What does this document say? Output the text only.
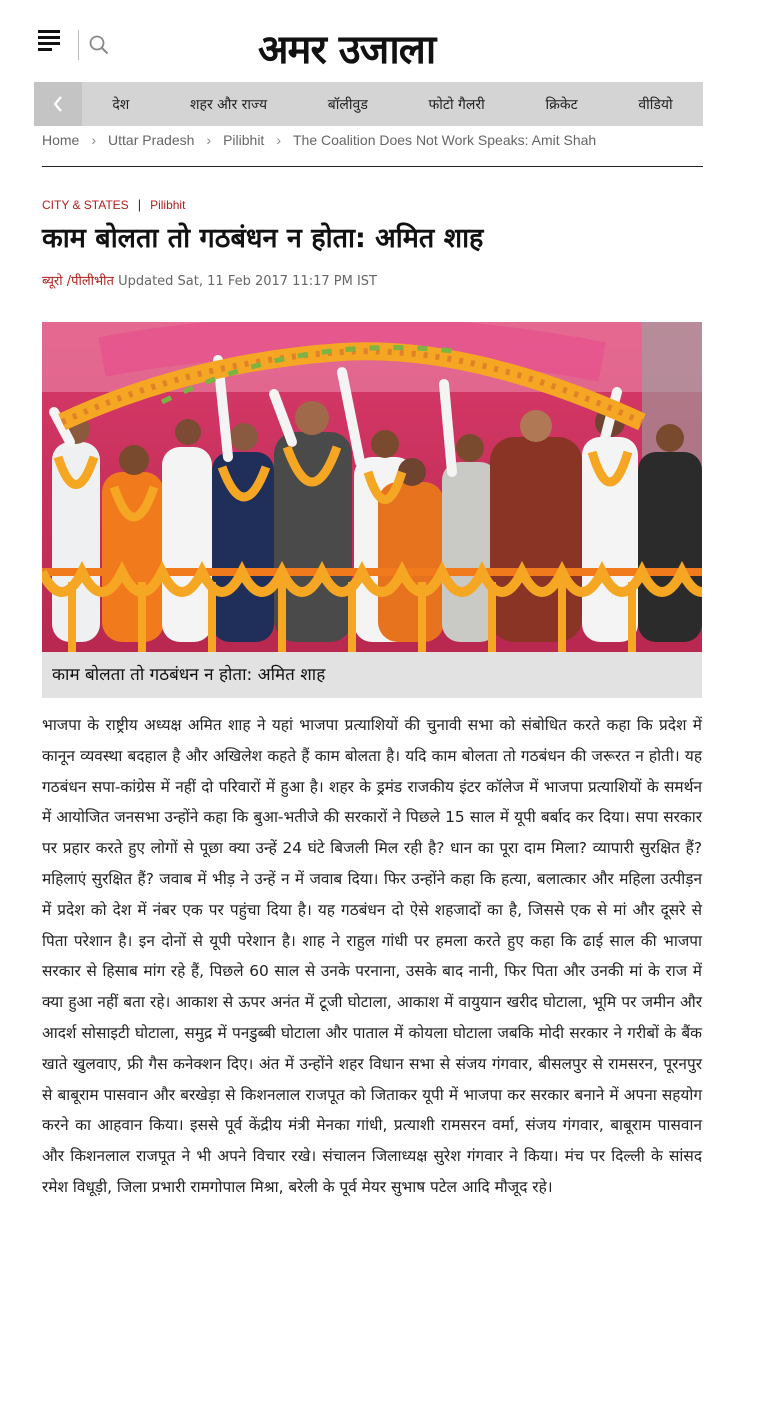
अमर उजाला
देश	शहर और राज्य	बॉलीवुड	फोटो गैलरी	क्रिकेट	वीडियो
Home › Uttar Pradesh › Pilibhit › The Coalition Does Not Work Speaks: Amit Shah
CITY & STATES | Pilibhit
काम बोलता तो गठबंधन न होता: अमित शाह
ब्यूरो /पीलीभीत Updated Sat, 11 Feb 2017 11:17 PM IST
काम बोलता तो गठबंधन न होता: अमित शाह
भाजपा के राष्ट्रीय अध्यक्ष अमित शाह ने यहां भाजपा प्रत्याशियों की चुनावी सभा को संबोधित करते कहा कि प्रदेश में कानून व्यवस्था बदहाल है और अखिलेश कहते हैं काम बोलता है। यदि काम बोलता तो गठबंधन की जरूरत न होती। यह गठबंधन सपा-कांग्रेस में नहीं दो परिवारों में हुआ है। शहर के ड्रमंड राजकीय इंटर कॉलेज में भाजपा प्रत्याशियों के समर्थन में आयोजित जनसभा उन्होंने कहा कि बुआ-भतीजे की सरकारों ने पिछले 15 साल में यूपी बर्बाद कर दिया। सपा सरकार पर प्रहार करते हुए लोगों से पूछा क्या उन्हें 24 घंटे बिजली मिल रही है? धान का पूरा दाम मिला? व्यापारी सुरक्षित हैं? महिलाएं सुरक्षित हैं? जवाब में भीड़ ने उन्हें न में जवाब दिया। फिर उन्होंने कहा कि हत्या, बलात्कार और महिला उत्पीड़न में प्रदेश को देश में नंबर एक पर पहुंचा दिया है। यह गठबंधन दो ऐसे शहजादों का है, जिससे एक से मां और दूसरे से पिता परेशान है। इन दोनों से यूपी परेशान है। शाह ने राहुल गांधी पर हमला करते हुए कहा कि ढाई साल की भाजपा सरकार से हिसाब मांग रहे हैं, पिछले 60 साल से उनके परनाना, उसके बाद नानी, फिर पिता और उनकी मां के राज में क्या हुआ नहीं बता रहे। आकाश से ऊपर अनंत में टूजी घोटाला, आकाश में वायुयान खरीद घोटाला, भूमि पर जमीन और आदर्श सोसाइटी घोटाला, समुद्र में पनडुब्बी घोटाला और पाताल में कोयला घोटाला जबकि मोदी सरकार ने गरीबों के बैंक खाते खुलवाए, फ्री गैस कनेक्शन दिए। अंत में उन्होंने शहर विधान सभा से संजय गंगवार, बीसलपुर से रामसरन, पूरनपुर से बाबूराम पासवान और बरखेड़ा से किशनलाल राजपूत को जिताकर यूपी में भाजपा कर सरकार बनाने में अपना सहयोग करने का आहवान किया। इससे पूर्व केंद्रीय मंत्री मेनका गांधी, प्रत्याशी रामसरन वर्मा, संजय गंगवार, बाबूराम पासवान और किशनलाल राजपूत ने भी अपने विचार रखे। संचालन जिलाध्यक्ष सुरेश गंगवार ने किया। मंच पर दिल्ली के सांसद रमेश विधूड़ी, जिला प्रभारी रामगोपाल मिश्रा, बरेली के पूर्व मेयर सुभाष पटेल आदि मौजूद रहे।
